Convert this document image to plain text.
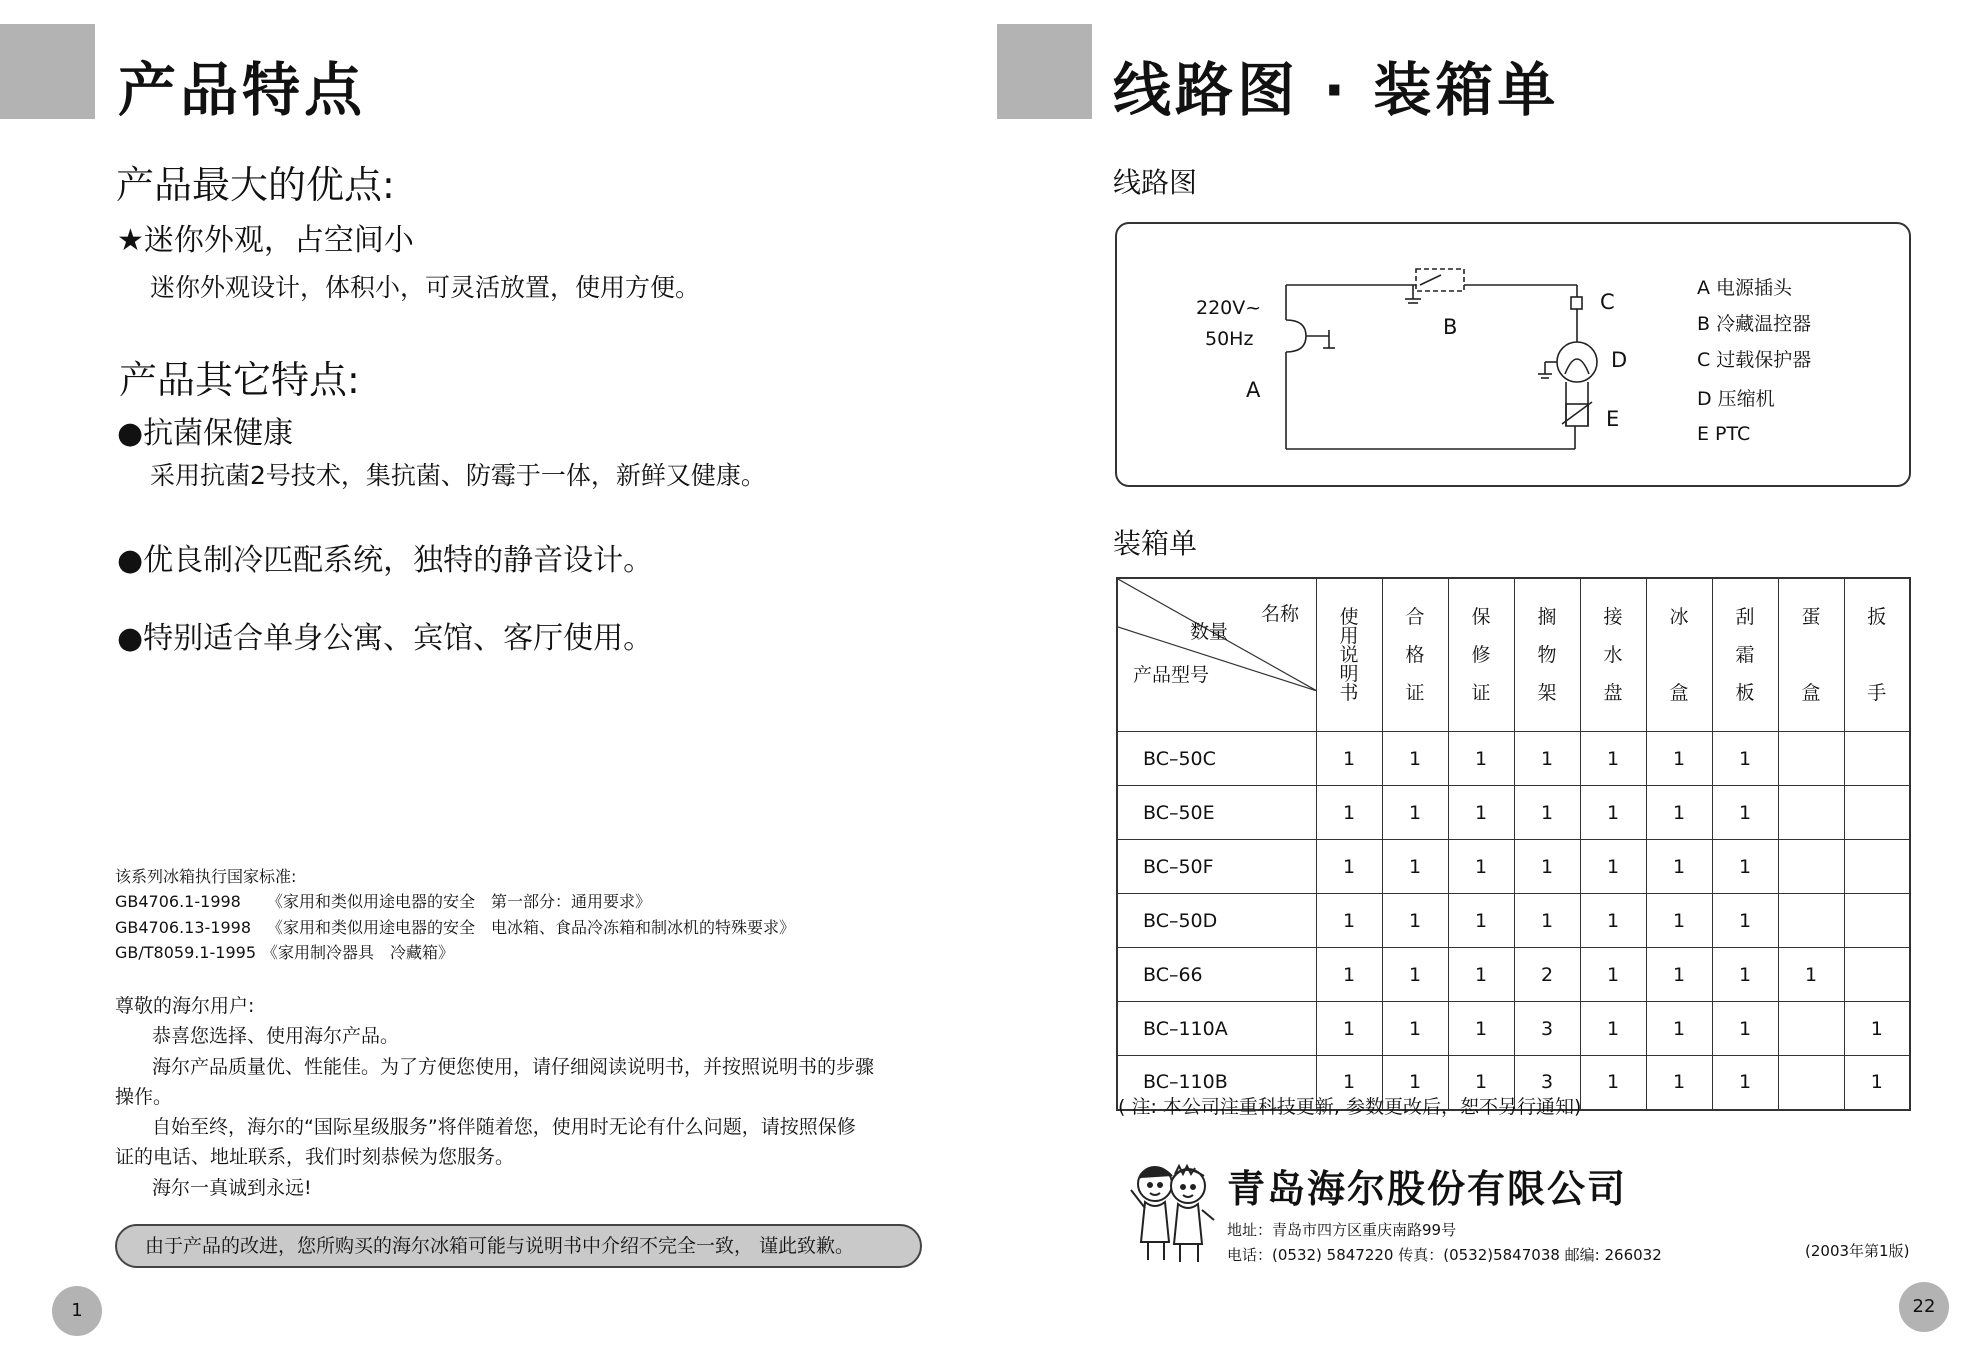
产品特点
产品最大的优点:
★迷你外观，占空间小
迷你外观设计，体积小，可灵活放置，使用方便。
产品其它特点:
●抗菌保健康
采用抗菌2号技术，集抗菌、防霉于一体，新鲜又健康。
●优良制冷匹配系统，独特的静音设计。
●特别适合单身公寓、宾馆、客厅使用。
该系列冰箱执行国家标准:
GB4706.1-1998 《家用和类似用途电器的安全　第一部分：通用要求》
GB4706.13-1998 《家用和类似用途电器的安全　电冰箱、食品冷冻箱和制冰机的特殊要求》
GB/T8059.1-1995 《家用制冷器具　冷藏箱》
尊敬的海尔用户:
恭喜您选择、使用海尔产品。
海尔产品质量优、性能佳。为了方便您使用，请仔细阅读说明书，并按照说明书的步骤
操作。
自始至终，海尔的“国际星级服务”将伴随着您，使用时无论有什么问题，请按照保修
证的电话、地址联系，我们时刻恭候为您服务。
海尔一真诚到永远!
由于产品的改进，您所购买的海尔冰箱可能与说明书中介绍不完全一致， 谨此致歉。
1
线路图 · 装箱单
线路图
220V~
50Hz
A
B
C
D
E
A 电源插头
B 冷藏温控器
C 过载保护器
D 压缩机
E PTC
装箱单
名称
数量
产品型号	使用说明书	合格证	保修证	搁物架	接水盘	冰盒	刮霜板	蛋盒	扳手

BC–50C	1	1	1	1	1	1	1		
BC–50E	1	1	1	1	1	1	1		
BC–50F	1	1	1	1	1	1	1		
BC–50D	1	1	1	1	1	1	1		
BC–66	1	1	1	2	1	1	1	1	
BC–110A	1	1	1	3	1	1	1		1
BC–110B	1	1	1	3	1	1	1		1
( 注: 本公司注重科技更新, 参数更改后，恕不另行通知)
青岛海尔股份有限公司
地址：青岛市四方区重庆南路99号
电话：(0532) 5847220 传真：(0532)5847038 邮编: 266032	(2003年第1版)
22
